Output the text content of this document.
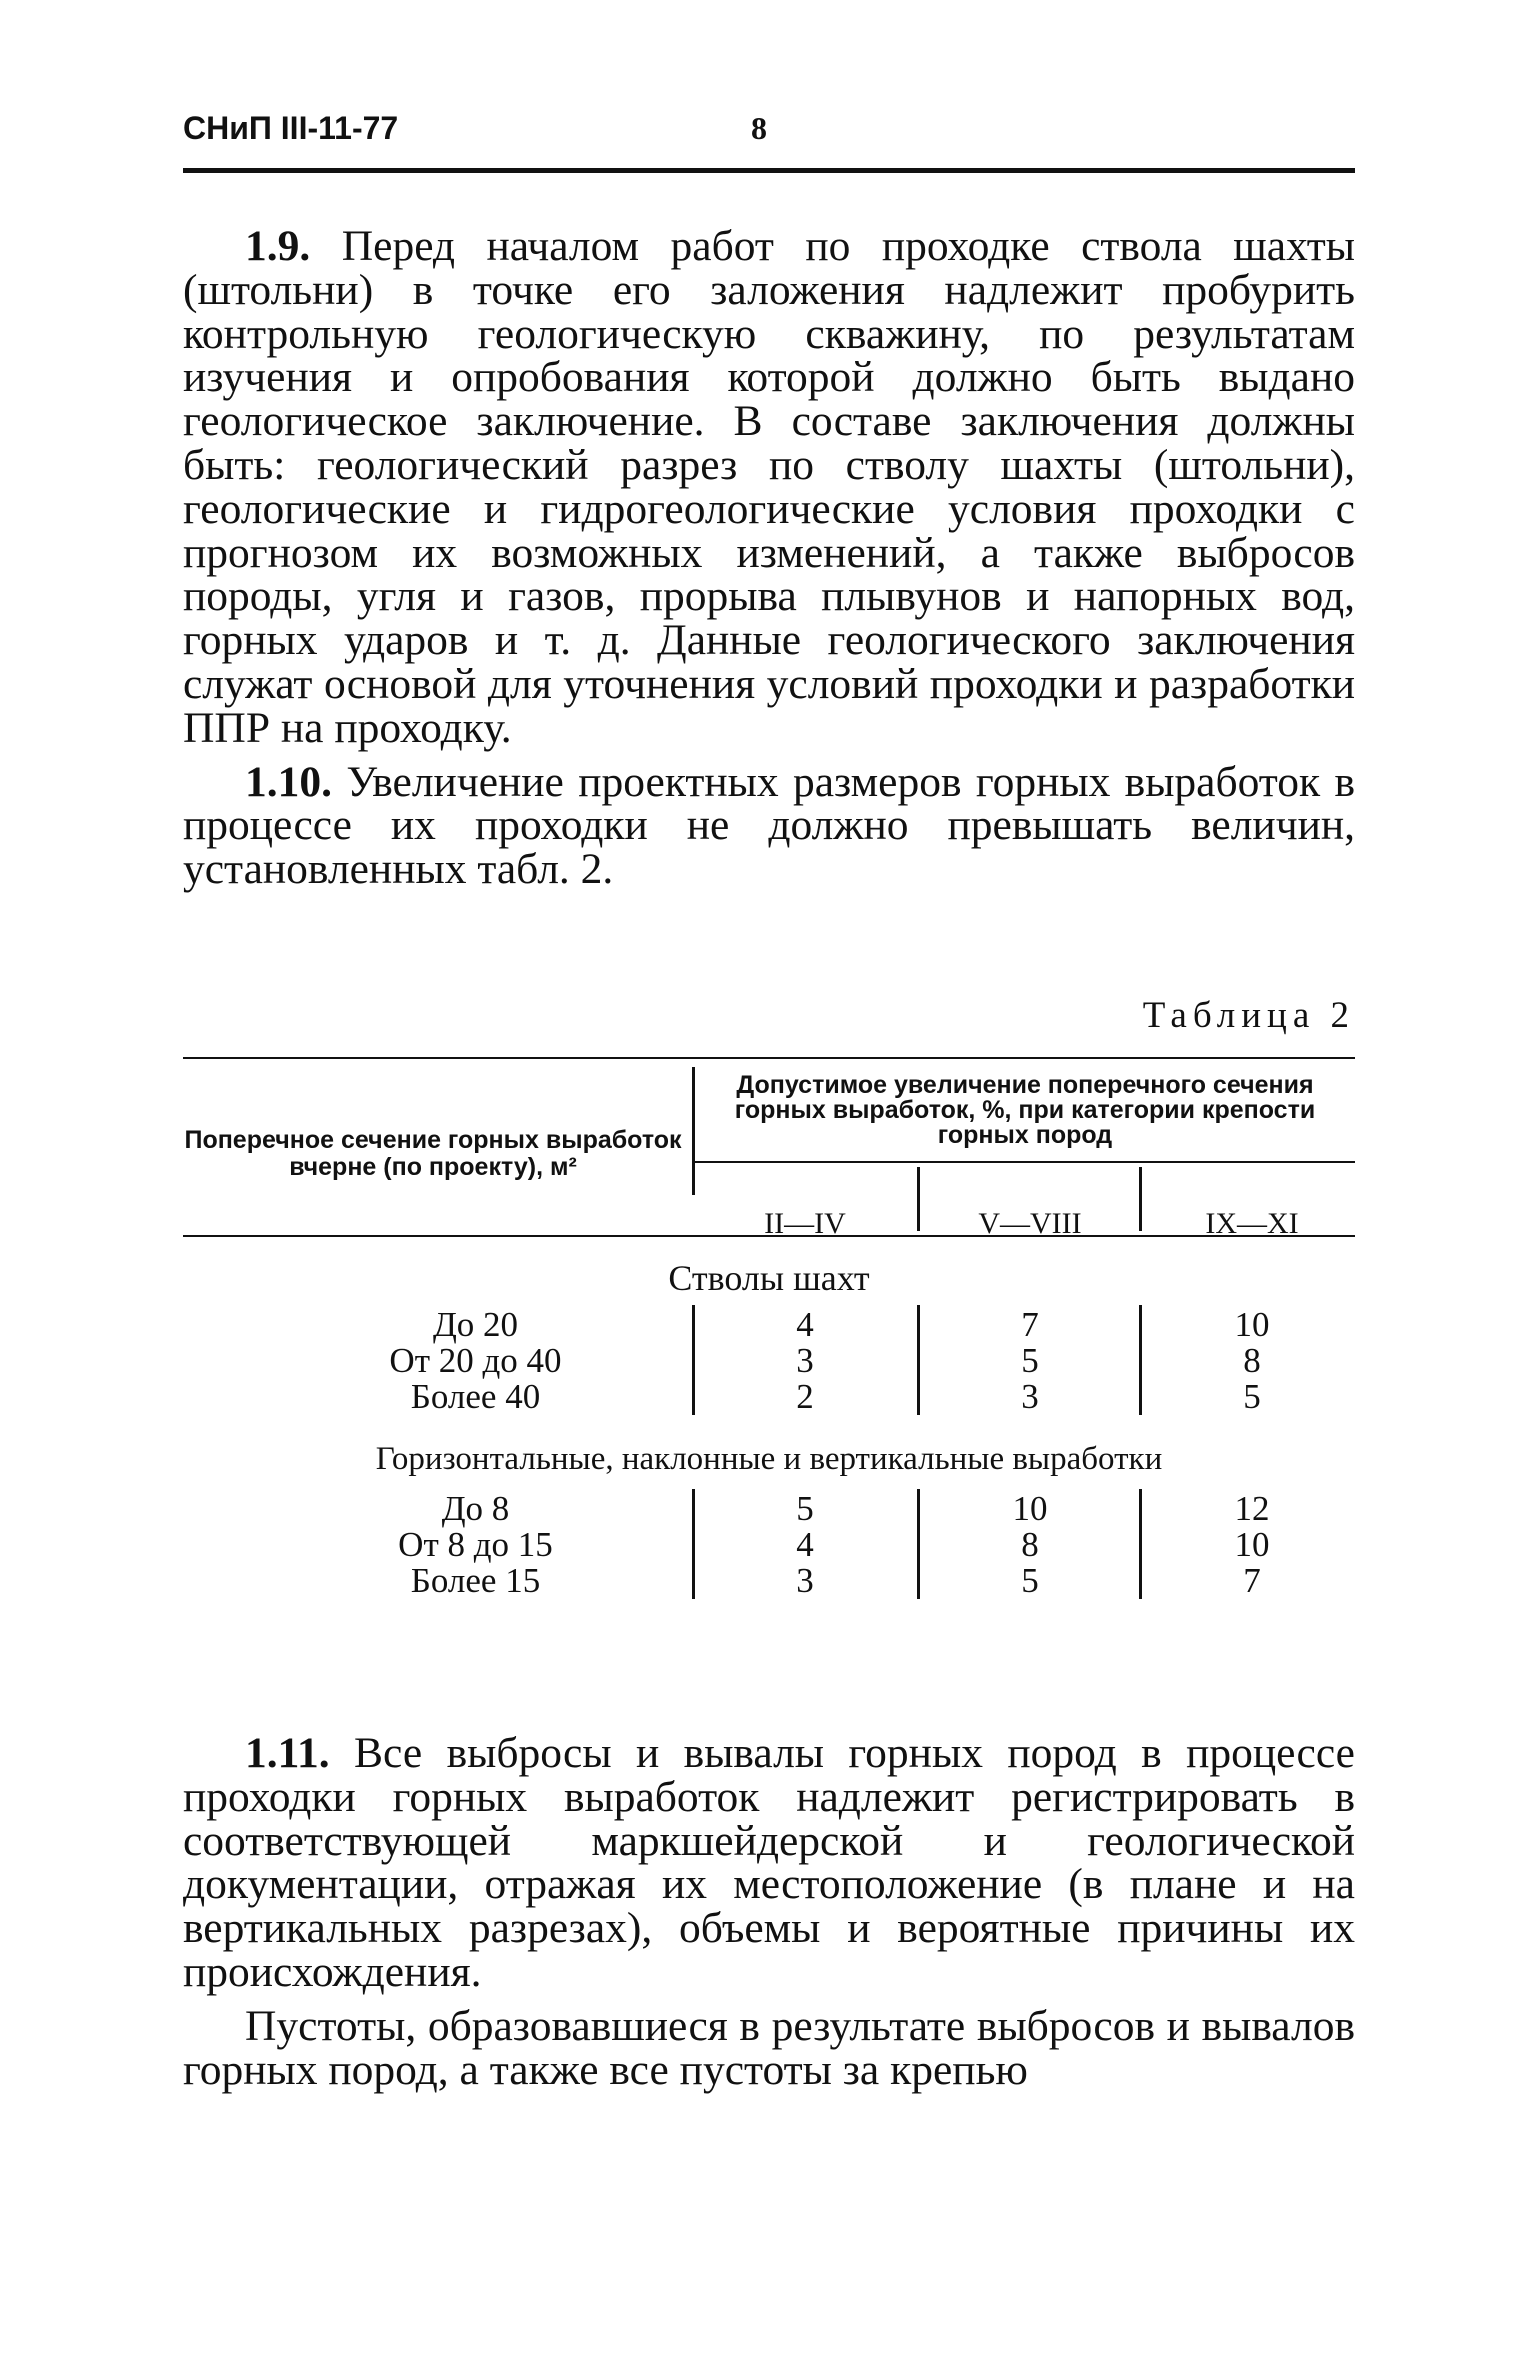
СНиП III-11-77	8

1.9. Перед началом работ по проходке ствола шахты (штольни) в точке его заложения надлежит пробурить контрольную геологическую скважину, по результатам изучения и опробования которой должно быть выдано геологическое заключение. В составе заключения должны быть: геологический разрез по стволу шахты (штольни), геологические и гидрогеологические условия проходки с прогнозом их возможных изменений, а также выбросов породы, угля и газов, прорыва плывунов и напорных вод, горных ударов и т. д. Данные геологического заключения служат основой для уточнения условий проходки и разработки ППР на проходку.

1.10. Увеличение проектных размеров горных выработок в процессе их проходки не должно превышать величин, установленных табл. 2.

Таблица 2
Поперечное сечение горных выработок вчерне (по проекту), м²
Допустимое увеличение поперечного сечения горных выработок, %, при категории крепости горных пород
II—IV	V—VIII	IX—XI
Стволы шахт
До 20	4	7	10
От 20 до 40	3	5	8
Более 40	2	3	5
Горизонтальные, наклонные и вертикальные выработки
До 8	5	10	12
От 8 до 15	4	8	10
Более 15	3	5	7

1.11. Все выбросы и вывалы горных пород в процессе проходки горных выработок надлежит регистрировать в соответствующей маркшейдерской и геологической документации, отражая их местоположение (в плане и на вертикальных разрезах), объемы и вероятные причины их происхождения.

Пустоты, образовавшиеся в результате выбросов и вывалов горных пород, а также все пустоты за крепью
